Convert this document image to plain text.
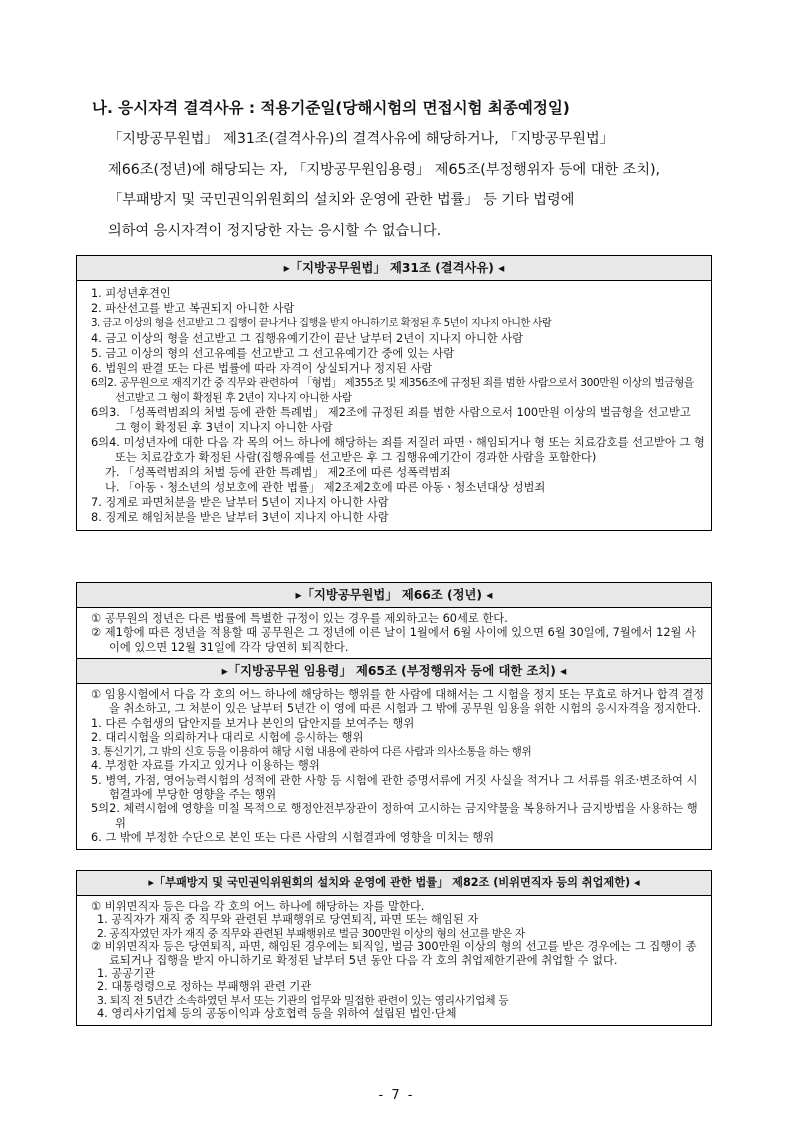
나. 응시자격 결격사유 : 적용기준일(당해시험의 면접시험 최종예정일)

「지방공무원법」 제31조(결격사유)의 결격사유에 해당하거나, 「지방공무원법」

제66조(정년)에 해당되는 자, 「지방공무원임용령」 제65조(부정행위자 등에 대한 조치),

「부패방지 및 국민권익위원회의 설치와 운영에 관한 법률」 등 기타 법령에

의하여 응시자격이 정지당한 자는 응시할 수 없습니다.

▸「지방공무원법」 제31조 (결격사유) ◂
1. 피성년후견인
2. 파산선고를 받고 복권되지 아니한 사람
3. 금고 이상의 형을 선고받고 그 집행이 끝나거나 집행을 받지 아니하기로 확정된 후 5년이 지나지 아니한 사람
4. 금고 이상의 형을 선고받고 그 집행유예기간이 끝난 날부터 2년이 지나지 아니한 사람
5. 금고 이상의 형의 선고유예를 선고받고 그 선고유예기간 중에 있는 사람
6. 법원의 판결 또는 다른 법률에 따라 자격이 상실되거나 정지된 사람
6의2. 공무원으로 재직기간 중 직무와 관련하여 「형법」 제355조 및 제356조에 규정된 죄를 범한 사람으로서 300만원 이상의 벌금형을 선고받고 그 형이 확정된 후 2년이 지나지 아니한 사람
6의3. 「성폭력범죄의 처벌 등에 관한 특례법」 제2조에 규정된 죄를 범한 사람으로서 100만원 이상의 벌금형을 선고받고 그 형이 확정된 후 3년이 지나지 아니한 사람
6의4. 미성년자에 대한 다음 각 목의 어느 하나에 해당하는 죄를 저질러 파면ㆍ해임되거나 형 또는 치료감호를 선고받아 그 형 또는 치료감호가 확정된 사람(집행유예를 선고받은 후 그 집행유예기간이 경과한 사람을 포함한다)
가. 「성폭력범죄의 처벌 등에 관한 특례법」 제2조에 따른 성폭력범죄
나. 「아동ㆍ청소년의 성보호에 관한 법률」 제2조제2호에 따른 아동ㆍ청소년대상 성범죄
7. 징계로 파면처분을 받은 날부터 5년이 지나지 아니한 사람
8. 징계로 해임처분을 받은 날부터 3년이 지나지 아니한 사람
▸「지방공무원법」 제66조 (정년) ◂
① 공무원의 정년은 다른 법률에 특별한 규정이 있는 경우를 제외하고는 60세로 한다.
② 제1항에 따른 정년을 적용할 때 공무원은 그 정년에 이른 날이 1월에서 6월 사이에 있으면 6월 30일에, 7월에서 12월 사이에 있으면 12월 31일에 각각 당연히 퇴직한다.
▸「지방공무원 임용령」 제65조 (부정행위자 등에 대한 조치) ◂
① 임용시험에서 다음 각 호의 어느 하나에 해당하는 행위를 한 사람에 대해서는 그 시험을 정지 또는 무효로 하거나 합격 결정을 취소하고, 그 처분이 있은 날부터 5년간 이 영에 따른 시험과 그 밖에 공무원 임용을 위한 시험의 응시자격을 정지한다.
1. 다른 수험생의 답안지를 보거나 본인의 답안지를 보여주는 행위
2. 대리시험을 의뢰하거나 대리로 시험에 응시하는 행위
3. 통신기기, 그 밖의 신호 등을 이용하여 해당 시험 내용에 관하여 다른 사람과 의사소통을 하는 행위
4. 부정한 자료를 가지고 있거나 이용하는 행위
5. 병역, 가점, 영어능력시험의 성적에 관한 사항 등 시험에 관한 증명서류에 거짓 사실을 적거나 그 서류를 위조·변조하여 시험결과에 부당한 영향을 주는 행위
5의2. 체력시험에 영향을 미칠 목적으로 행정안전부장관이 정하여 고시하는 금지약물을 복용하거나 금지방법을 사용하는 행위
6. 그 밖에 부정한 수단으로 본인 또는 다른 사람의 시험결과에 영향을 미치는 행위
▸「부패방지 및 국민권익위원회의 설치와 운영에 관한 법률」 제82조 (비위면직자 등의 취업제한) ◂
① 비위면직자 등은 다음 각 호의 어느 하나에 해당하는 자를 말한다.
1. 공직자가 재직 중 직무와 관련된 부패행위로 당연퇴직, 파면 또는 해임된 자
2. 공직자였던 자가 재직 중 직무와 관련된 부패행위로 벌금 300만원 이상의 형의 선고를 받은 자
② 비위면직자 등은 당연퇴직, 파면, 해임된 경우에는 퇴직일, 벌금 300만원 이상의 형의 선고를 받은 경우에는 그 집행이 종료되거나 집행을 받지 아니하기로 확정된 날부터 5년 동안 다음 각 호의 취업제한기관에 취업할 수 없다.
1. 공공기관
2. 대통령령으로 정하는 부패행위 관련 기관
3. 퇴직 전 5년간 소속하였던 부서 또는 기관의 업무와 밀접한 관련이 있는 영리사기업체 등
4. 영리사기업체 등의 공동이익과 상호협력 등을 위하여 설립된 법인·단체
- 7 -
